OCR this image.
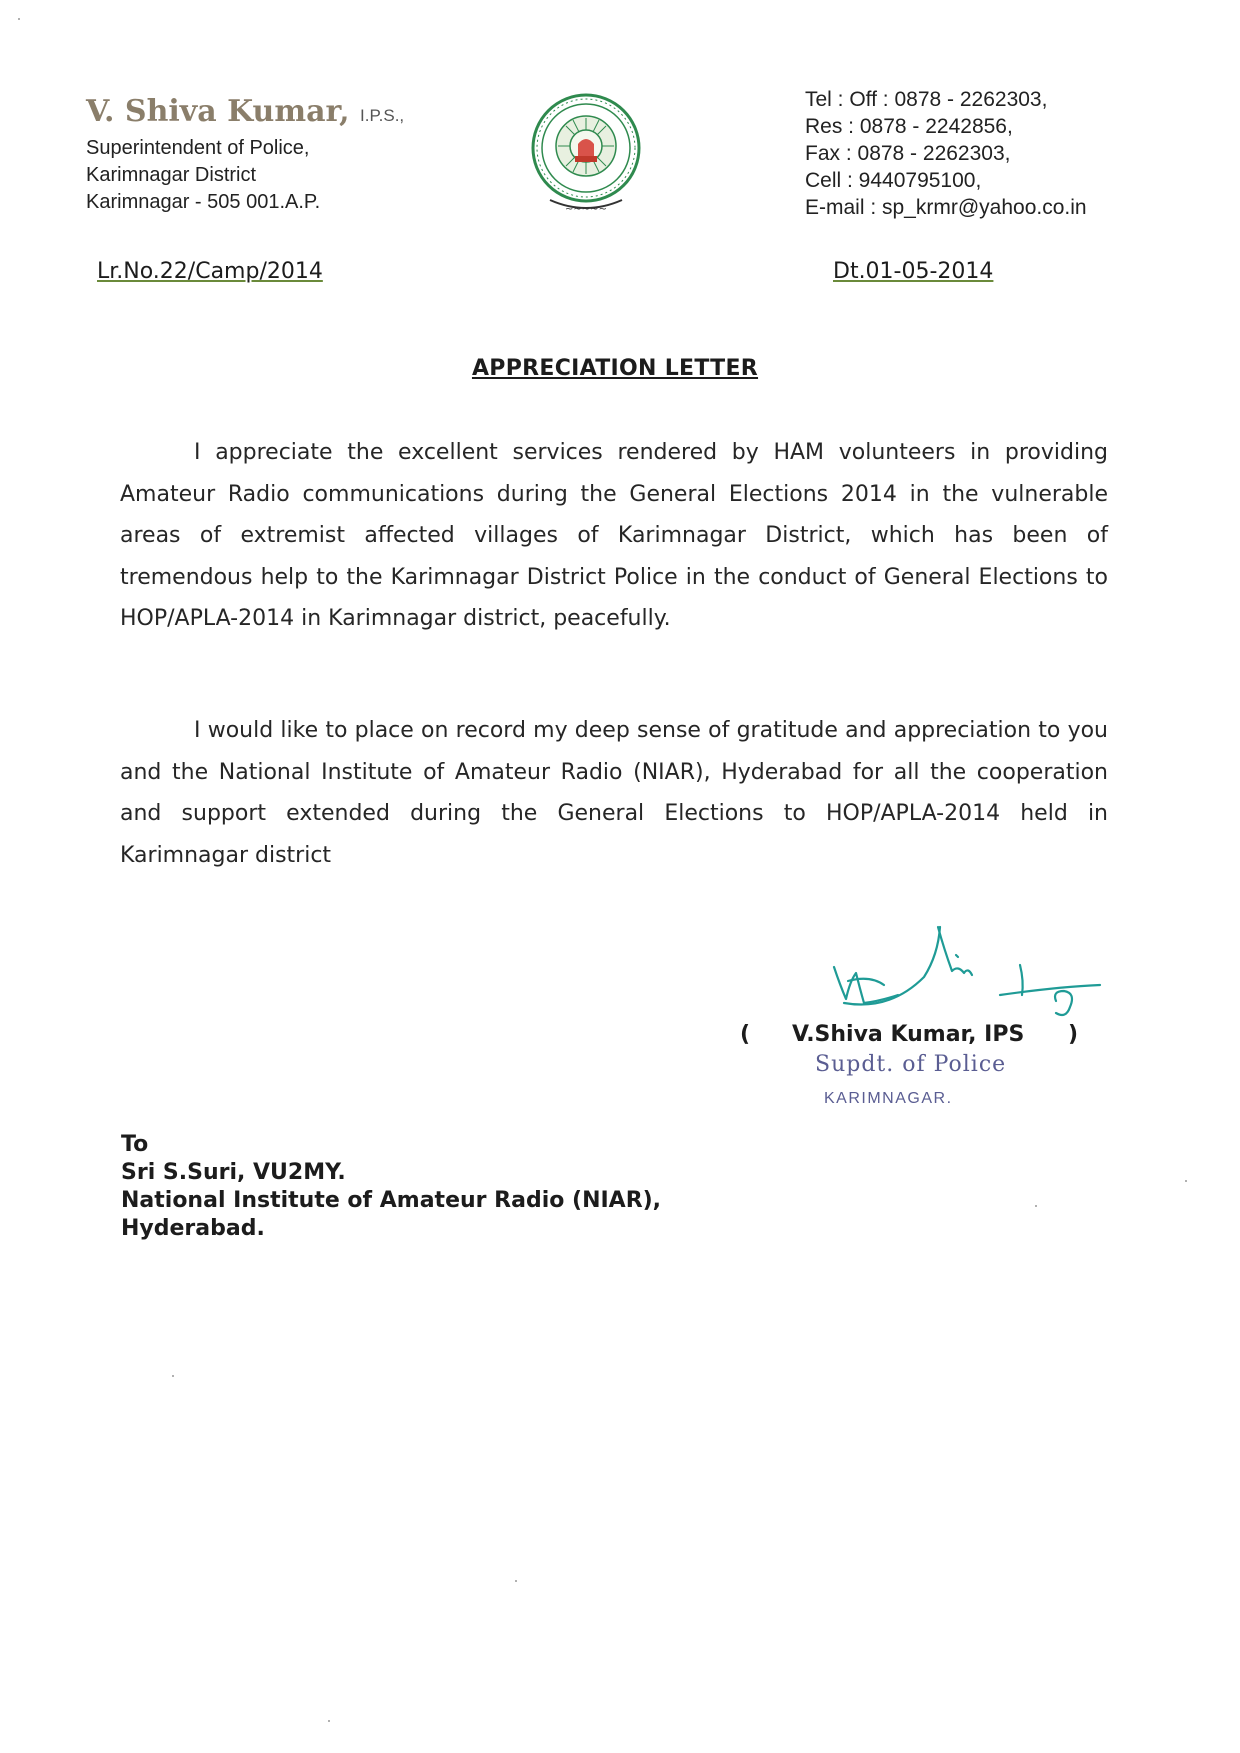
V. Shiva Kumar, I.P.S.,
Superintendent of Police,
Karimnagar District
Karimnagar - 505 001.A.P.	~~~~~
Tel : Off : 0878 - 2262303,
Res : 0878 - 2242856,
Fax : 0878 - 2262303,
Cell : 9440795100,
E-mail : sp_krmr@yahoo.co.in
Lr.No.22/Camp/2014	Dt.01-05-2014
APPRECIATION LETTER
I appreciate the excellent services rendered by HAM volunteers in providing Amateur Radio communications during the General Elections 2014 in the vulnerable areas of extremist affected villages of Karimnagar District, which has been of tremendous help to the Karimnagar District Police in the conduct of General Elections to HOP/APLA-2014 in Karimnagar district, peacefully.
I would like to place on record my deep sense of gratitude and appreciation to you and the National Institute of Amateur Radio (NIAR), Hyderabad for all the cooperation and support extended during the General Elections to HOP/APLA-2014 held in Karimnagar district
( V.Shiva Kumar, IPS )
Supdt. of Police
KARIMNAGAR.
To
Sri S.Suri, VU2MY.
National Institute of Amateur Radio (NIAR),
Hyderabad.
